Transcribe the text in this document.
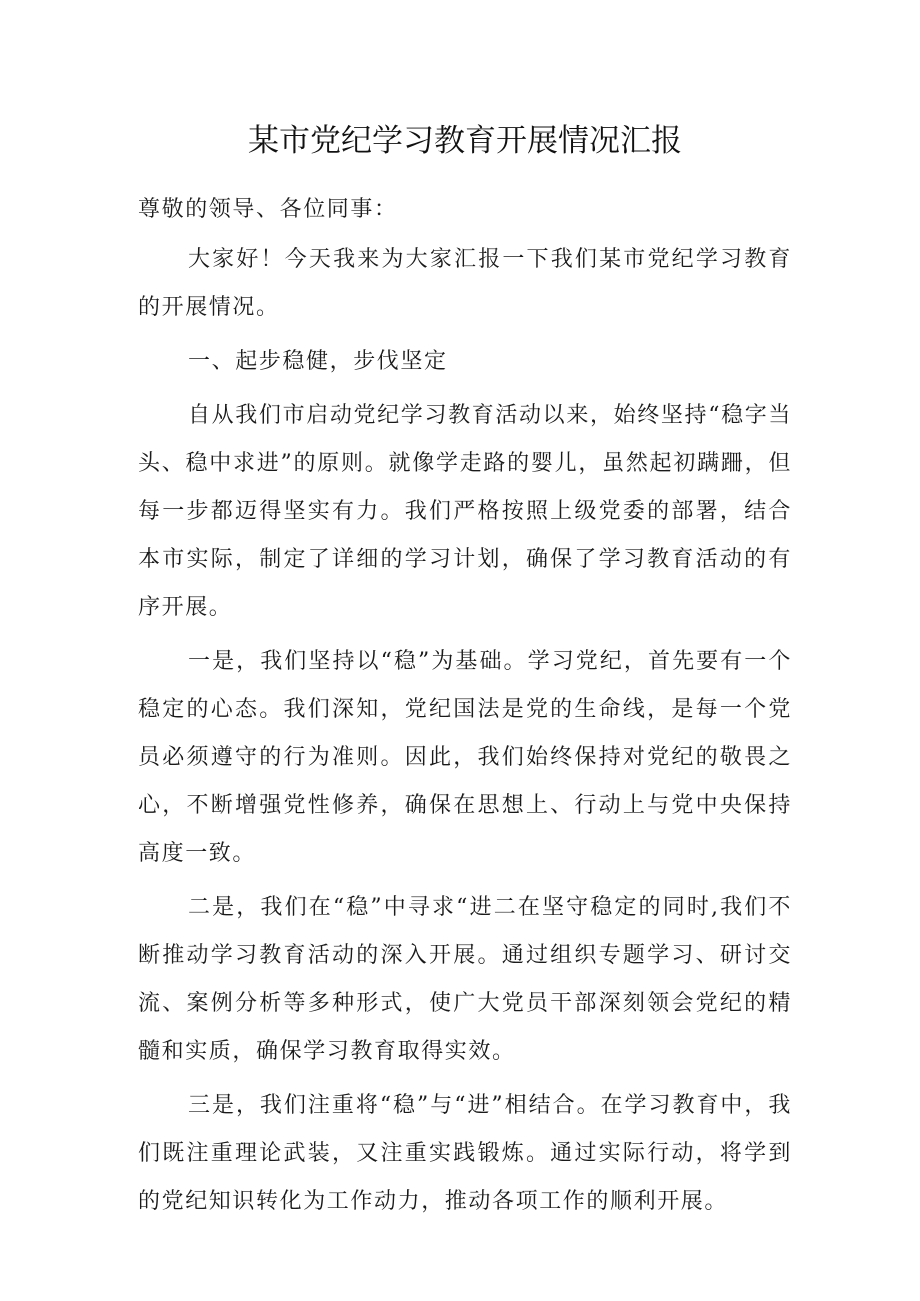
某市党纪学习教育开展情况汇报

尊敬的领导、各位同事：

大家好！今天我来为大家汇报一下我们某市党纪学习教育的开展情况。

一、起步稳健，步伐坚定

自从我们市启动党纪学习教育活动以来，始终坚持“稳字当头、稳中求进”的原则。就像学走路的婴儿，虽然起初蹒跚，但每一步都迈得坚实有力。我们严格按照上级党委的部署，结合本市实际，制定了详细的学习计划，确保了学习教育活动的有序开展。

一是，我们坚持以“稳”为基础。学习党纪，首先要有一个稳定的心态。我们深知，党纪国法是党的生命线，是每一个党员必须遵守的行为准则。因此，我们始终保持对党纪的敬畏之心，不断增强党性修养，确保在思想上、行动上与党中央保持高度一致。

二是，我们在“稳”中寻求“进二在坚守稳定的同时,我们不断推动学习教育活动的深入开展。通过组织专题学习、研讨交流、案例分析等多种形式，使广大党员干部深刻领会党纪的精髓和实质，确保学习教育取得实效。

三是，我们注重将“稳”与“进”相结合。在学习教育中，我们既注重理论武装，又注重实践锻炼。通过实际行动，将学到的党纪知识转化为工作动力，推动各项工作的顺利开展。
